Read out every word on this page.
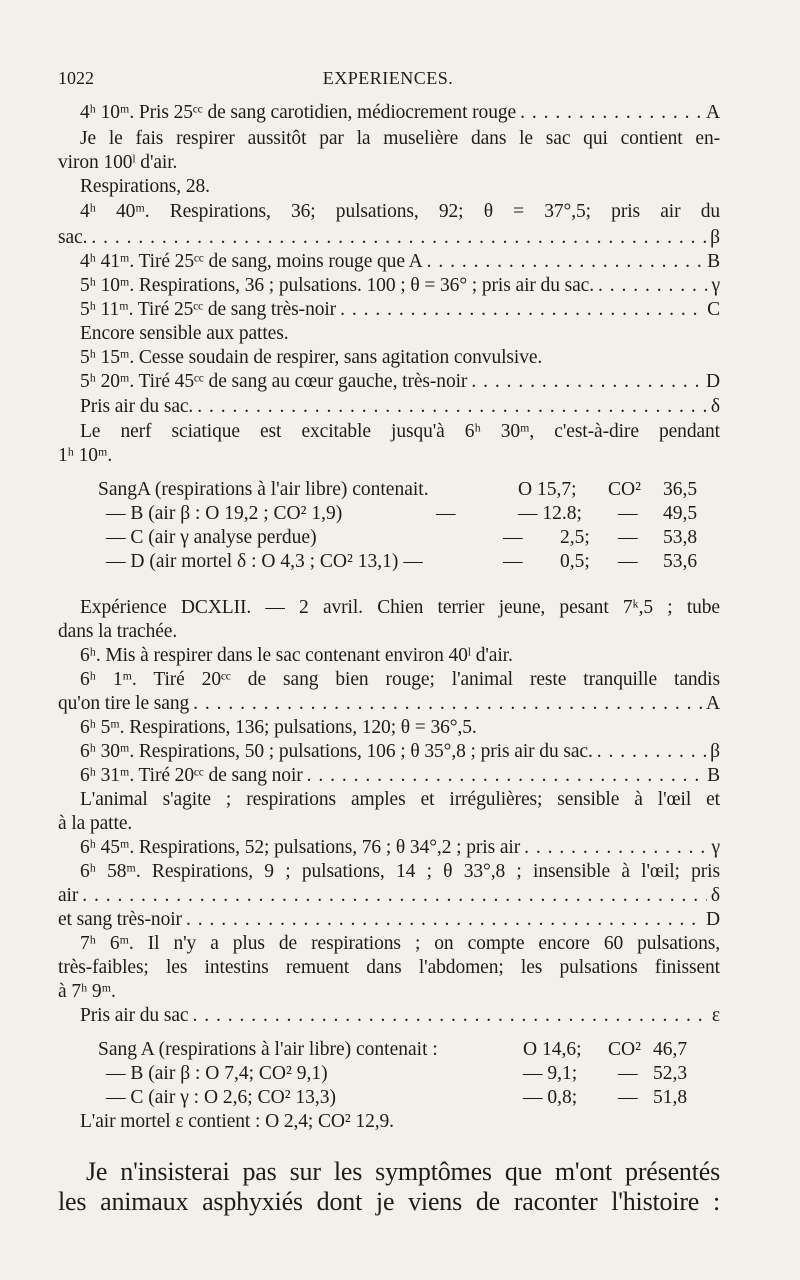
1022	EXPERIENCES.
4ʰ 10ᵐ. Pris 25ᶜᶜ de sang carotidien, médiocrement rouge . . .	A
Je le fais respirer aussitôt par la muselière dans le sac qui contient en-
viron 100ˡ d'air.
Respirations, 28.
4ʰ 40ᵐ. Respirations, 36; pulsations, 92; θ = 37°,5; pris air du
sac. . . .	β
4ʰ 41ᵐ. Tiré 25ᶜᶜ de sang, moins rouge que A . . .	B
5ʰ 10ᵐ. Respirations, 36 ; pulsations. 100 ; θ = 36° ; pris air du sac. . . .	γ
5ʰ 11ᵐ. Tiré 25ᶜᶜ de sang très-noir . . .	C
Encore sensible aux pattes.
5ʰ 15ᵐ. Cesse soudain de respirer, sans agitation convulsive.
5ʰ 20ᵐ. Tiré 45ᶜᶜ de sang au cœur gauche, très-noir . . .	D
Pris air du sac. . . .	δ
Le nerf sciatique est excitable jusqu'à 6ʰ 30ᵐ, c'est-à-dire pendant
1ʰ 10ᵐ.
SangA (respirations à l'air libre) contenait.	O 15,7; CO² 36,5
— B (air β : O 19,2 ; CO² 1,9)	—	— 12.8; — 49,5
— C (air γ analyse perdue)	— 2,5; — 53,8
— D (air mortel δ : O 4,3 ; CO² 13,1) —	— 0,5; — 53,6
Expérience DCXLII. — 2 avril. Chien terrier jeune, pesant 7ᵏ,5 ; tube
dans la trachée.
6ʰ. Mis à respirer dans le sac contenant environ 40ˡ d'air.
6ʰ 1ᵐ. Tiré 20ᶜᶜ de sang bien rouge; l'animal reste tranquille tandis
qu'on tire le sang . . .	A
6ʰ 5ᵐ. Respirations, 136; pulsations, 120; θ = 36°,5.
6ʰ 30ᵐ. Respirations, 50 ; pulsations, 106 ; θ 35°,8 ; pris air du sac. . . .	β
6ʰ 31ᵐ. Tiré 20ᶜᶜ de sang noir . . .	B
L'animal s'agite ; respirations amples et irrégulières; sensible à l'œil et
à la patte.
6ʰ 45ᵐ. Respirations, 52; pulsations, 76 ; θ 34°,2 ; pris air . . .	γ
6ʰ 58ᵐ. Respirations, 9 ; pulsations, 14 ; θ 33°,8 ; insensible à l'œil; pris
air . . .	δ
et sang très-noir . . .	D
7ʰ 6ᵐ. Il n'y a plus de respirations ; on compte encore 60 pulsations,
très-faibles; les intestins remuent dans l'abdomen; les pulsations finissent
à 7ʰ 9ᵐ.
Pris air du sac . . .	ε
Sang A (respirations à l'air libre) contenait :	O 14,6; CO² 46,7
— B (air β : O 7,4; CO² 9,1)	— 9,1; — 52,3
— C (air γ : O 2,6; CO² 13,3)	— 0,8; — 51,8
L'air mortel ε contient : O 2,4; CO² 12,9.
Je n'insisterai pas sur les symptômes que m'ont présentés
les animaux asphyxiés dont je viens de raconter l'histoire :
